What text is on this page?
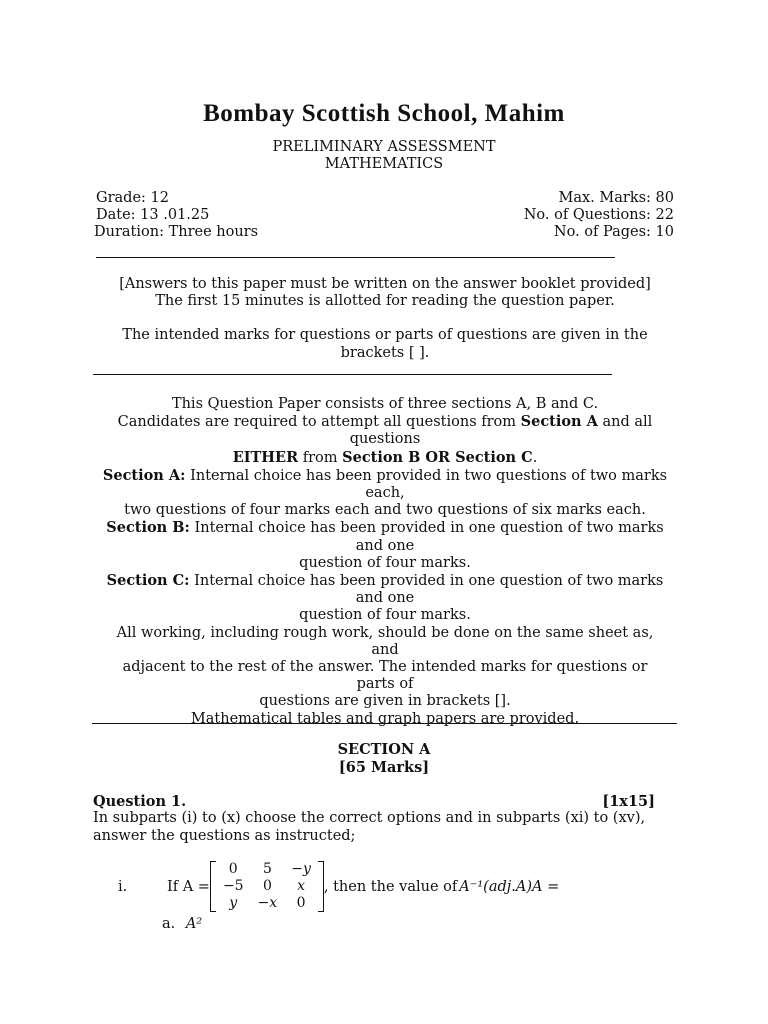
Bombay Scottish School, Mahim
PRELIMINARY ASSESSMENT
MATHEMATICS
Grade: 12	Max. Marks: 80
Date: 13 .01.25	No. of Questions: 22
Duration: Three hours	No. of Pages: 10
[Answers to this paper must be written on the answer booklet provided]
The first 15 minutes is allotted for reading the question paper.
The intended marks for questions or parts of questions are given in the
brackets [ ].
This Question Paper consists of three sections A, B and C.
Candidates are required to attempt all questions from Section A and all
questions
EITHER from Section B OR Section C.
Section A: Internal choice has been provided in two questions of two marks
each,
two questions of four marks each and two questions of six marks each.
Section B: Internal choice has been provided in one question of two marks
and one
question of four marks.
Section C: Internal choice has been provided in one question of two marks
and one
question of four marks.
All working, including rough work, should be done on the same sheet as,
and
adjacent to the rest of the answer. The intended marks for questions or
parts of
questions are given in brackets [].
Mathematical tables and graph papers are provided.
SECTION A
[65 Marks]
Question 1.	[1x15]
In subparts (i) to (x) choose the correct options and in subparts (xi) to (xv),
answer the questions as instructed;
i.	If A =
0	5	−y
−5	0	x
y	−x	0
, then the value of A⁻¹(adj.A)A =
a. A²
